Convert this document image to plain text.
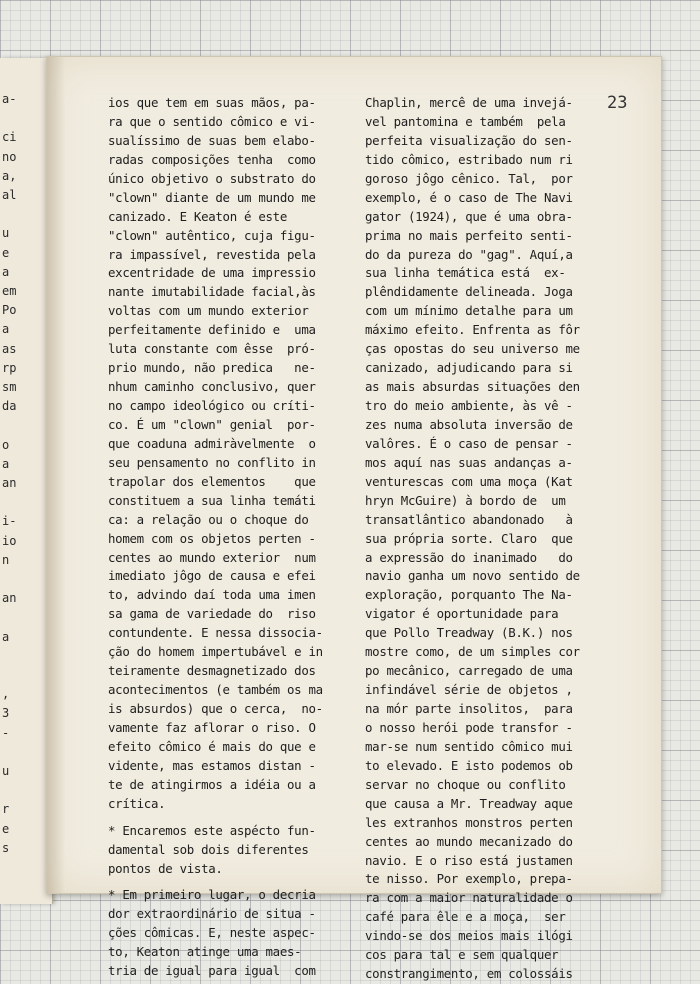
a-
ci
no
a,
al
u
e
a
em
Po
a
as
rp
sm
da
o
a
an
i-
io
n
an
a
,
3
-
u
r
e
s
23
ios que tem em suas mãos, pa-
ra que o sentido cômico e vi-
sualíssimo de suas bem elabo-
radas composições tenha  como
único objetivo o substrato do
"clown" diante de um mundo me
canizado. E Keaton é este
"clown" autêntico, cuja figu-
ra impassível, revestida pela
excentridade de uma impressio
nante imutabilidade facial,às
voltas com um mundo exterior
perfeitamente definido e  uma
luta constante com êsse  pró-
prio mundo, não predica   ne-
nhum caminho conclusivo, quer
no campo ideológico ou críti-
co. É um "clown" genial  por-
que coaduna admiràvelmente  o
seu pensamento no conflito in
trapolar dos elementos    que
constituem a sua linha temáti
ca: a relação ou o choque do
homem com os objetos perten -
centes ao mundo exterior  num
imediato jôgo de causa e efei
to, advindo daí toda uma imen
sa gama de variedade do  riso
contundente. E nessa dissocia-
ção do homem impertubável e in
teiramente desmagnetizado dos
acontecimentos (e também os ma
is absurdos) que o cerca,  no-
vamente faz aflorar o riso. O
efeito cômico é mais do que e
vidente, mas estamos distan -
te de atingirmos a idéia ou a
crítica.
* Encaremos este aspécto fun-
damental sob dois diferentes
pontos de vista.
* Em primeiro lugar, o decria
dor extraordinário de situa -
ções cômicas. E, neste aspec-
to, Keaton atinge uma maes-
tria de igual para igual  com
Chaplin, mercê de uma invejá-
vel pantomina e também  pela
perfeita visualização do sen-
tido cômico, estribado num ri
goroso jôgo cênico. Tal,  por
exemplo, é o caso de The Navi
gator (1924), que é uma obra-
prima no mais perfeito senti-
do da pureza do "gag". Aquí,a
sua linha temática está  ex-
plêndidamente delineada. Joga
com um mínimo detalhe para um
máximo efeito. Enfrenta as fôr
ças opostas do seu universo me
canizado, adjudicando para si
as mais absurdas situações den
tro do meio ambiente, às vê -
zes numa absoluta inversão de
valôres. É o caso de pensar -
mos aquí nas suas andanças a-
venturescas com uma moça (Kat
hryn McGuire) à bordo de  um
transatlântico abandonado   à
sua própria sorte. Claro  que
a expressão do inanimado   do
navio ganha um novo sentido de
exploração, porquanto The Na-
vigator é oportunidade para
que Pollo Treadway (B.K.) nos
mostre como, de um simples cor
po mecânico, carregado de uma
infindável série de objetos ,
na mór parte insolitos,  para
o nosso herói pode transfor -
mar-se num sentido cômico mui
to elevado. E isto podemos ob
servar no choque ou conflito
que causa a Mr. Treadway aque
les extranhos monstros perten
centes ao mundo mecanizado do
navio. E o riso está justamen
te nisso. Por exemplo, prepa-
ra com a maior naturalidade o
café para êle e a moça,  ser
vindo-se dos meios mais ilógi
cos para tal e sem qualquer
constrangimento, em colossáis
